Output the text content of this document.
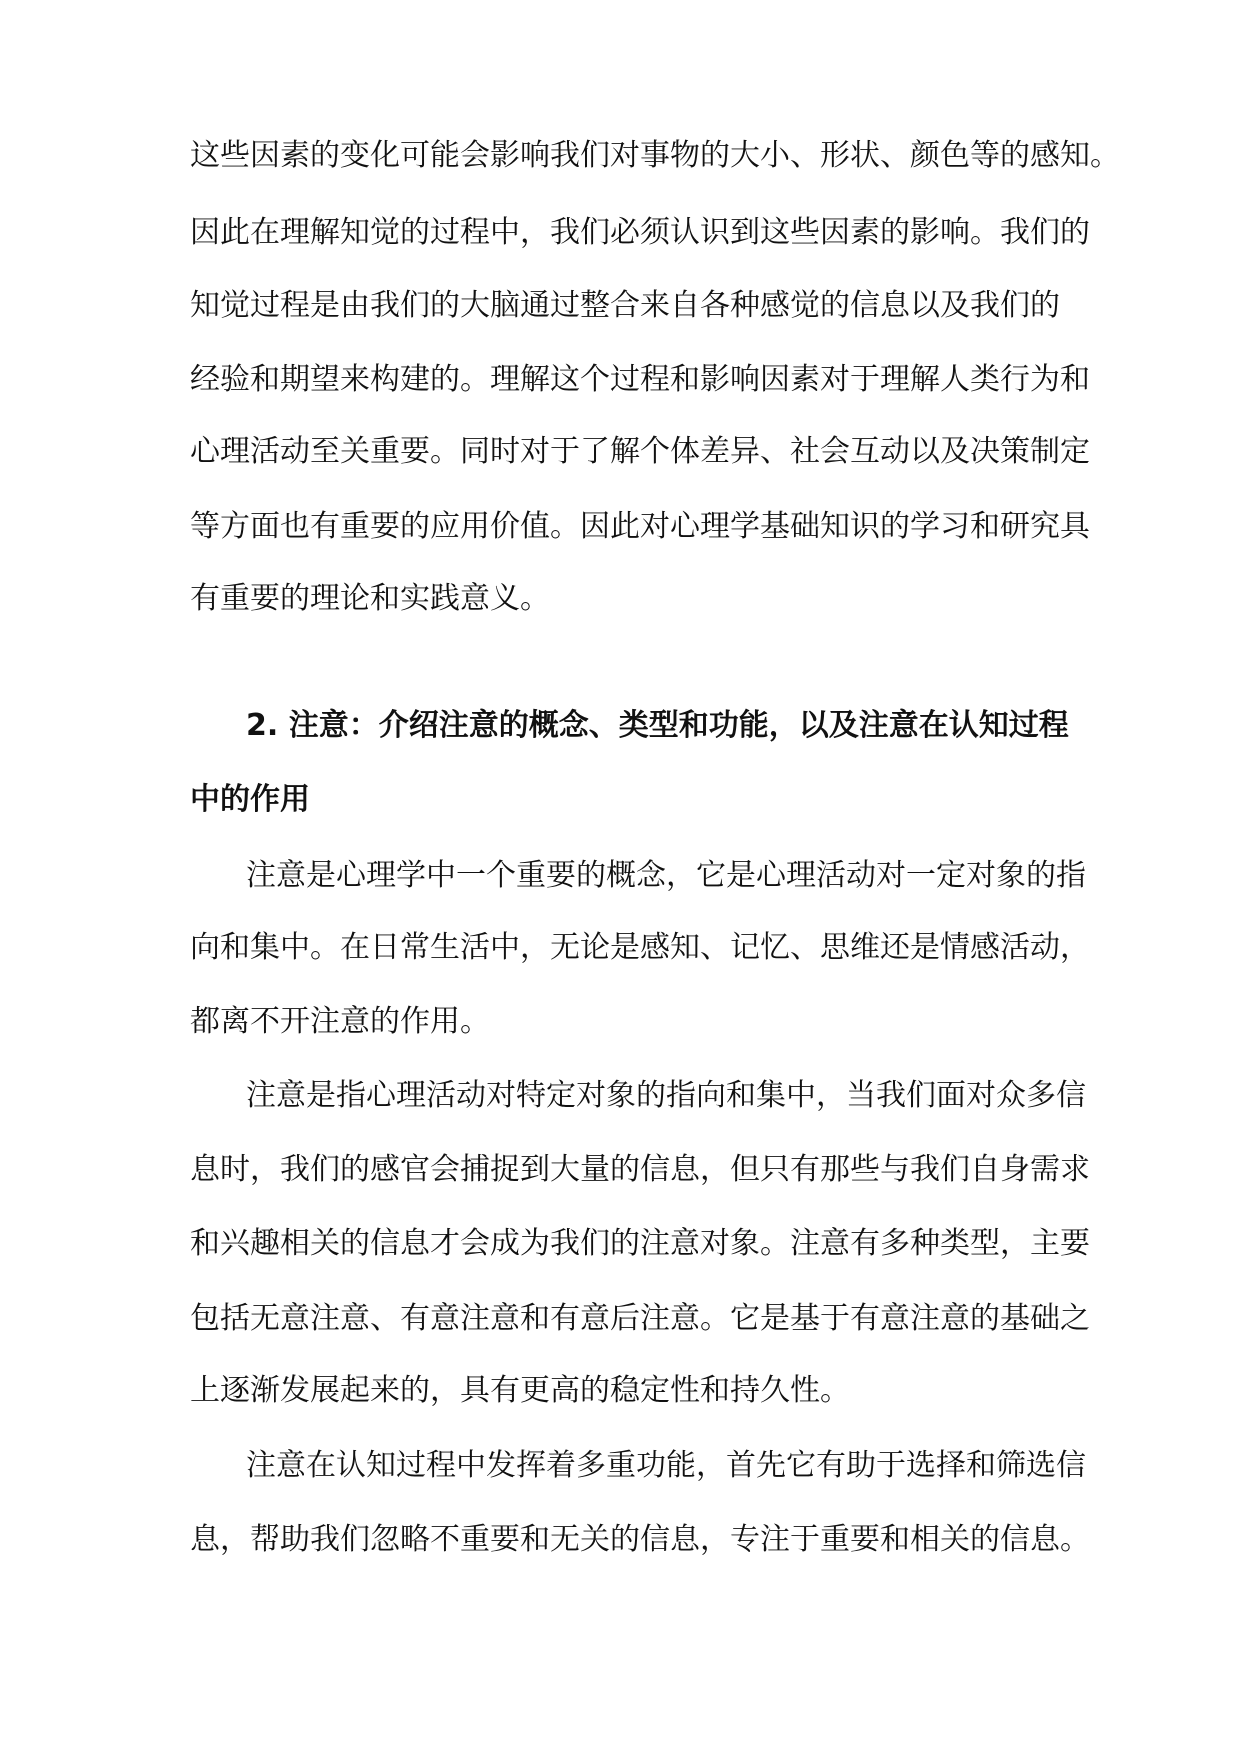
这些因素的变化可能会影响我们对事物的大小、形状、颜色等的感知。
因此在理解知觉的过程中，我们必须认识到这些因素的影响。我们的
知觉过程是由我们的大脑通过整合来自各种感觉的信息以及我们的
经验和期望来构建的。理解这个过程和影响因素对于理解人类行为和
心理活动至关重要。同时对于了解个体差异、社会互动以及决策制定
等方面也有重要的应用价值。因此对心理学基础知识的学习和研究具
有重要的理论和实践意义。
2. 注意：介绍注意的概念、类型和功能，以及注意在认知过程
中的作用
注意是心理学中一个重要的概念，它是心理活动对一定对象的指
向和集中。在日常生活中，无论是感知、记忆、思维还是情感活动，
都离不开注意的作用。
注意是指心理活动对特定对象的指向和集中，当我们面对众多信
息时，我们的感官会捕捉到大量的信息，但只有那些与我们自身需求
和兴趣相关的信息才会成为我们的注意对象。注意有多种类型，主要
包括无意注意、有意注意和有意后注意。它是基于有意注意的基础之
上逐渐发展起来的，具有更高的稳定性和持久性。
注意在认知过程中发挥着多重功能，首先它有助于选择和筛选信
息，帮助我们忽略不重要和无关的信息，专注于重要和相关的信息。
